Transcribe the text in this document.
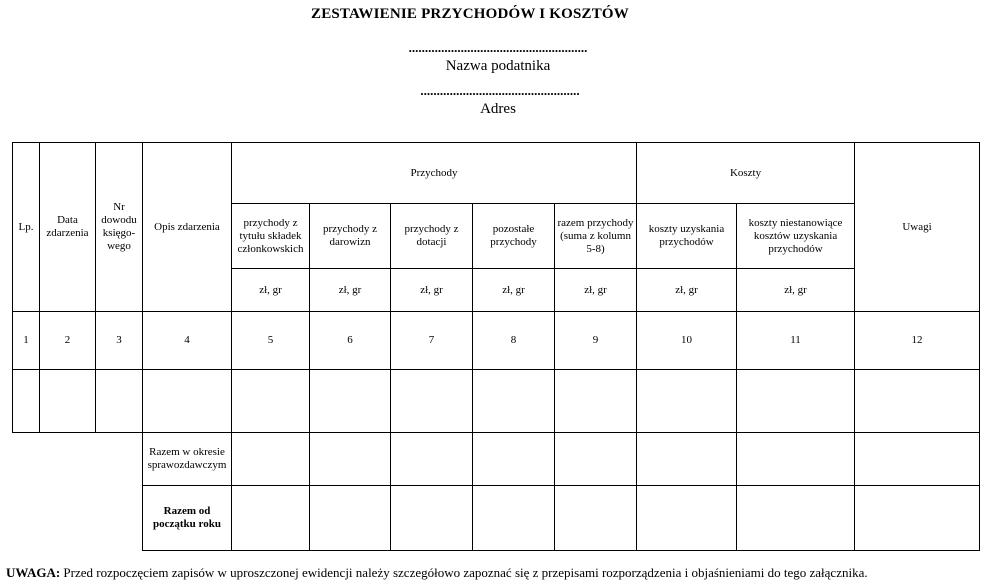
ZESTAWIENIE PRZYCHODÓW I KOSZTÓW
.......................................................
Nazwa podatnika
.................................................
Adres
Lp.	Data zdarzenia	Nr dowodu księgo-wego	Opis zdarzenia	Przychody					Koszty		Uwagi
				przychody z tytułu składek członkowskich	przychody z darowizn	przychody z dotacji	pozostałe przychody	razem przychody (suma z kolumn 5-8)	koszty uzyskania przychodów	koszty niestanowiące kosztów uzyskania przychodów	
				zł, gr	zł, gr	zł, gr	zł, gr	zł, gr	zł, gr	zł, gr	
1	2	3	4	5	6	7	8	9	10	11	12

			Razem w okresie sprawozdawczym								
			Razem od początku roku								
UWAGA: Przed rozpoczęciem zapisów w uproszczonej ewidencji należy szczegółowo zapoznać się z przepisami rozporządzenia i objaśnieniami do tego załącznika.
